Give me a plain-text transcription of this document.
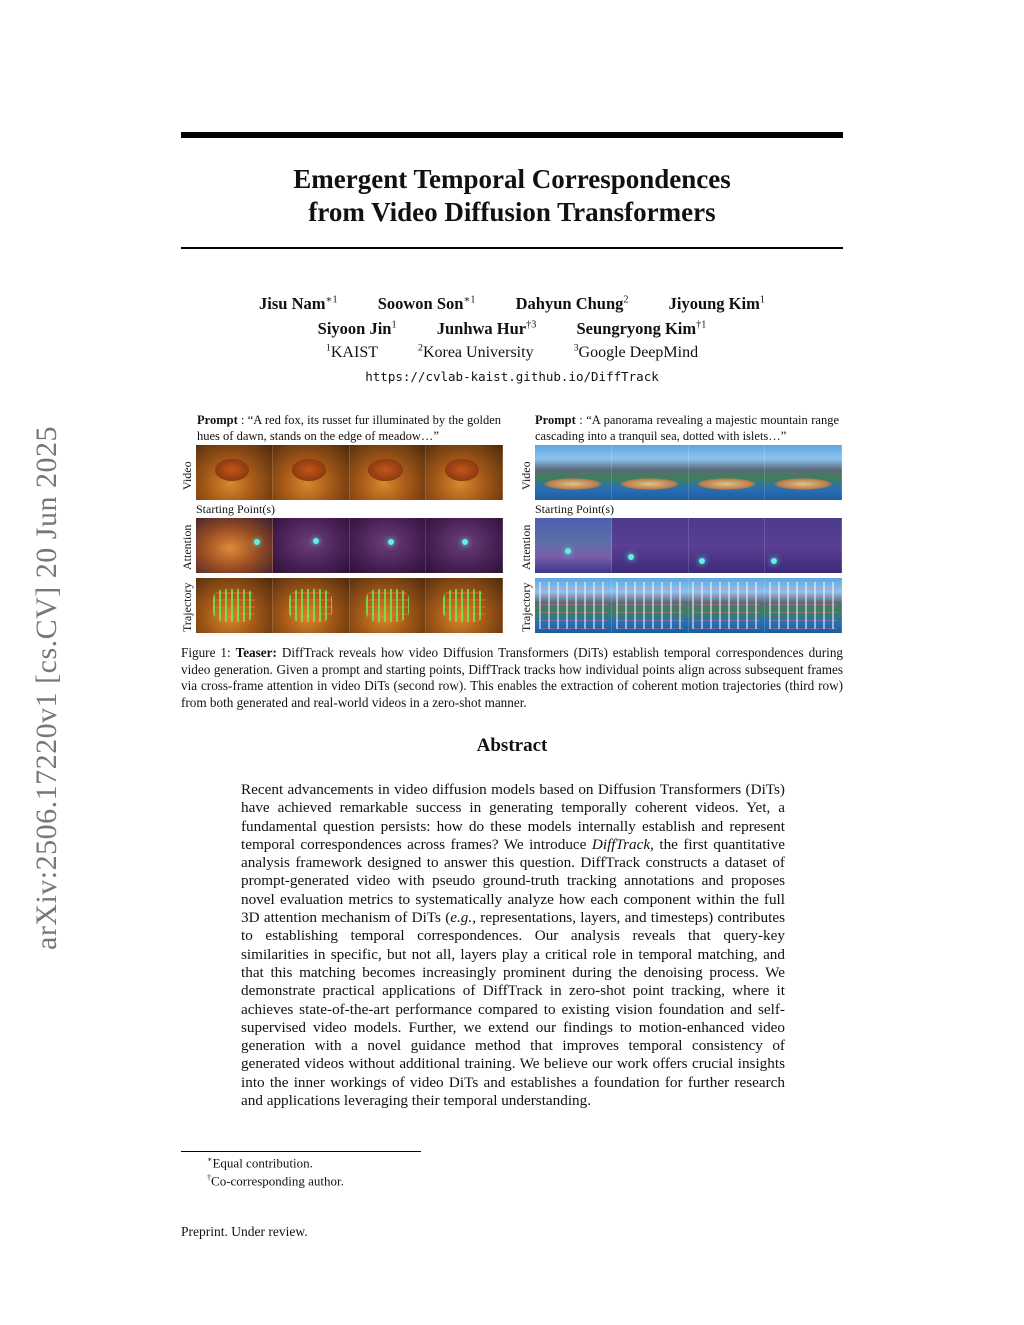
Emergent Temporal Correspondences
from Video Diffusion Transformers
Jisu Nam$^{∗1}$ Soowon Son$^{∗1}$ Dahyun Chung$^2$ Jiyoung Kim$^1$
Siyoon Jin$^1$ Junhwa Hur$^{\dagger 3}$ Seungryong Kim$^{\dagger 1}$
$^1$KAIST	$^2$Korea University	$^3$Google DeepMind
https://cvlab-kaist.github.io/DiffTrack
arXiv:2506.17220v1 [cs.CV] 20 Jun 2025
Prompt : “A red fox, its russet fur illuminated by the golden hues of dawn, stands on the edge of meadow…”
Video
Starting Point(s)
Attention
Trajectory
Prompt : “A panorama revealing a majestic mountain range cascading into a tranquil sea, dotted with islets…”
Video
Starting Point(s)
Attention
Trajectory
Figure 1: Teaser: DiffTrack reveals how video Diffusion Transformers (DiTs) establish temporal correspondences during video generation. Given a prompt and starting points, DiffTrack tracks how individual points align across subsequent frames via cross-frame attention in video DiTs (second row). This enables the extraction of coherent motion trajectories (third row) from both generated and real-world videos in a zero-shot manner.
Abstract
Recent advancements in video diffusion models based on Diffusion Transformers (DiTs) have achieved remarkable success in generating temporally coherent videos. Yet, a fundamental question persists: how do these models internally establish and represent temporal correspondences across frames? We introduce DiffTrack, the first quantitative analysis framework designed to answer this question. DiffTrack constructs a dataset of prompt-generated video with pseudo ground-truth tracking annotations and proposes novel evaluation metrics to systematically analyze how each component within the full 3D attention mechanism of DiTs (e.g., representations, layers, and timesteps) contributes to establishing temporal correspondences. Our analysis reveals that query-key similarities in specific, but not all, layers play a critical role in temporal matching, and that this matching becomes increasingly prominent during the denoising process. We demonstrate practical applications of DiffTrack in zero-shot point tracking, where it achieves state-of-the-art performance compared to existing vision foundation and self-supervised video models. Further, we extend our findings to motion-enhanced video generation with a novel guidance method that improves temporal consistency of generated videos without additional training. We believe our work offers crucial insights into the inner workings of video DiTs and establishes a foundation for further research and applications leveraging their temporal understanding.
∗Equal contribution.
†Co-corresponding author.
Preprint. Under review.
